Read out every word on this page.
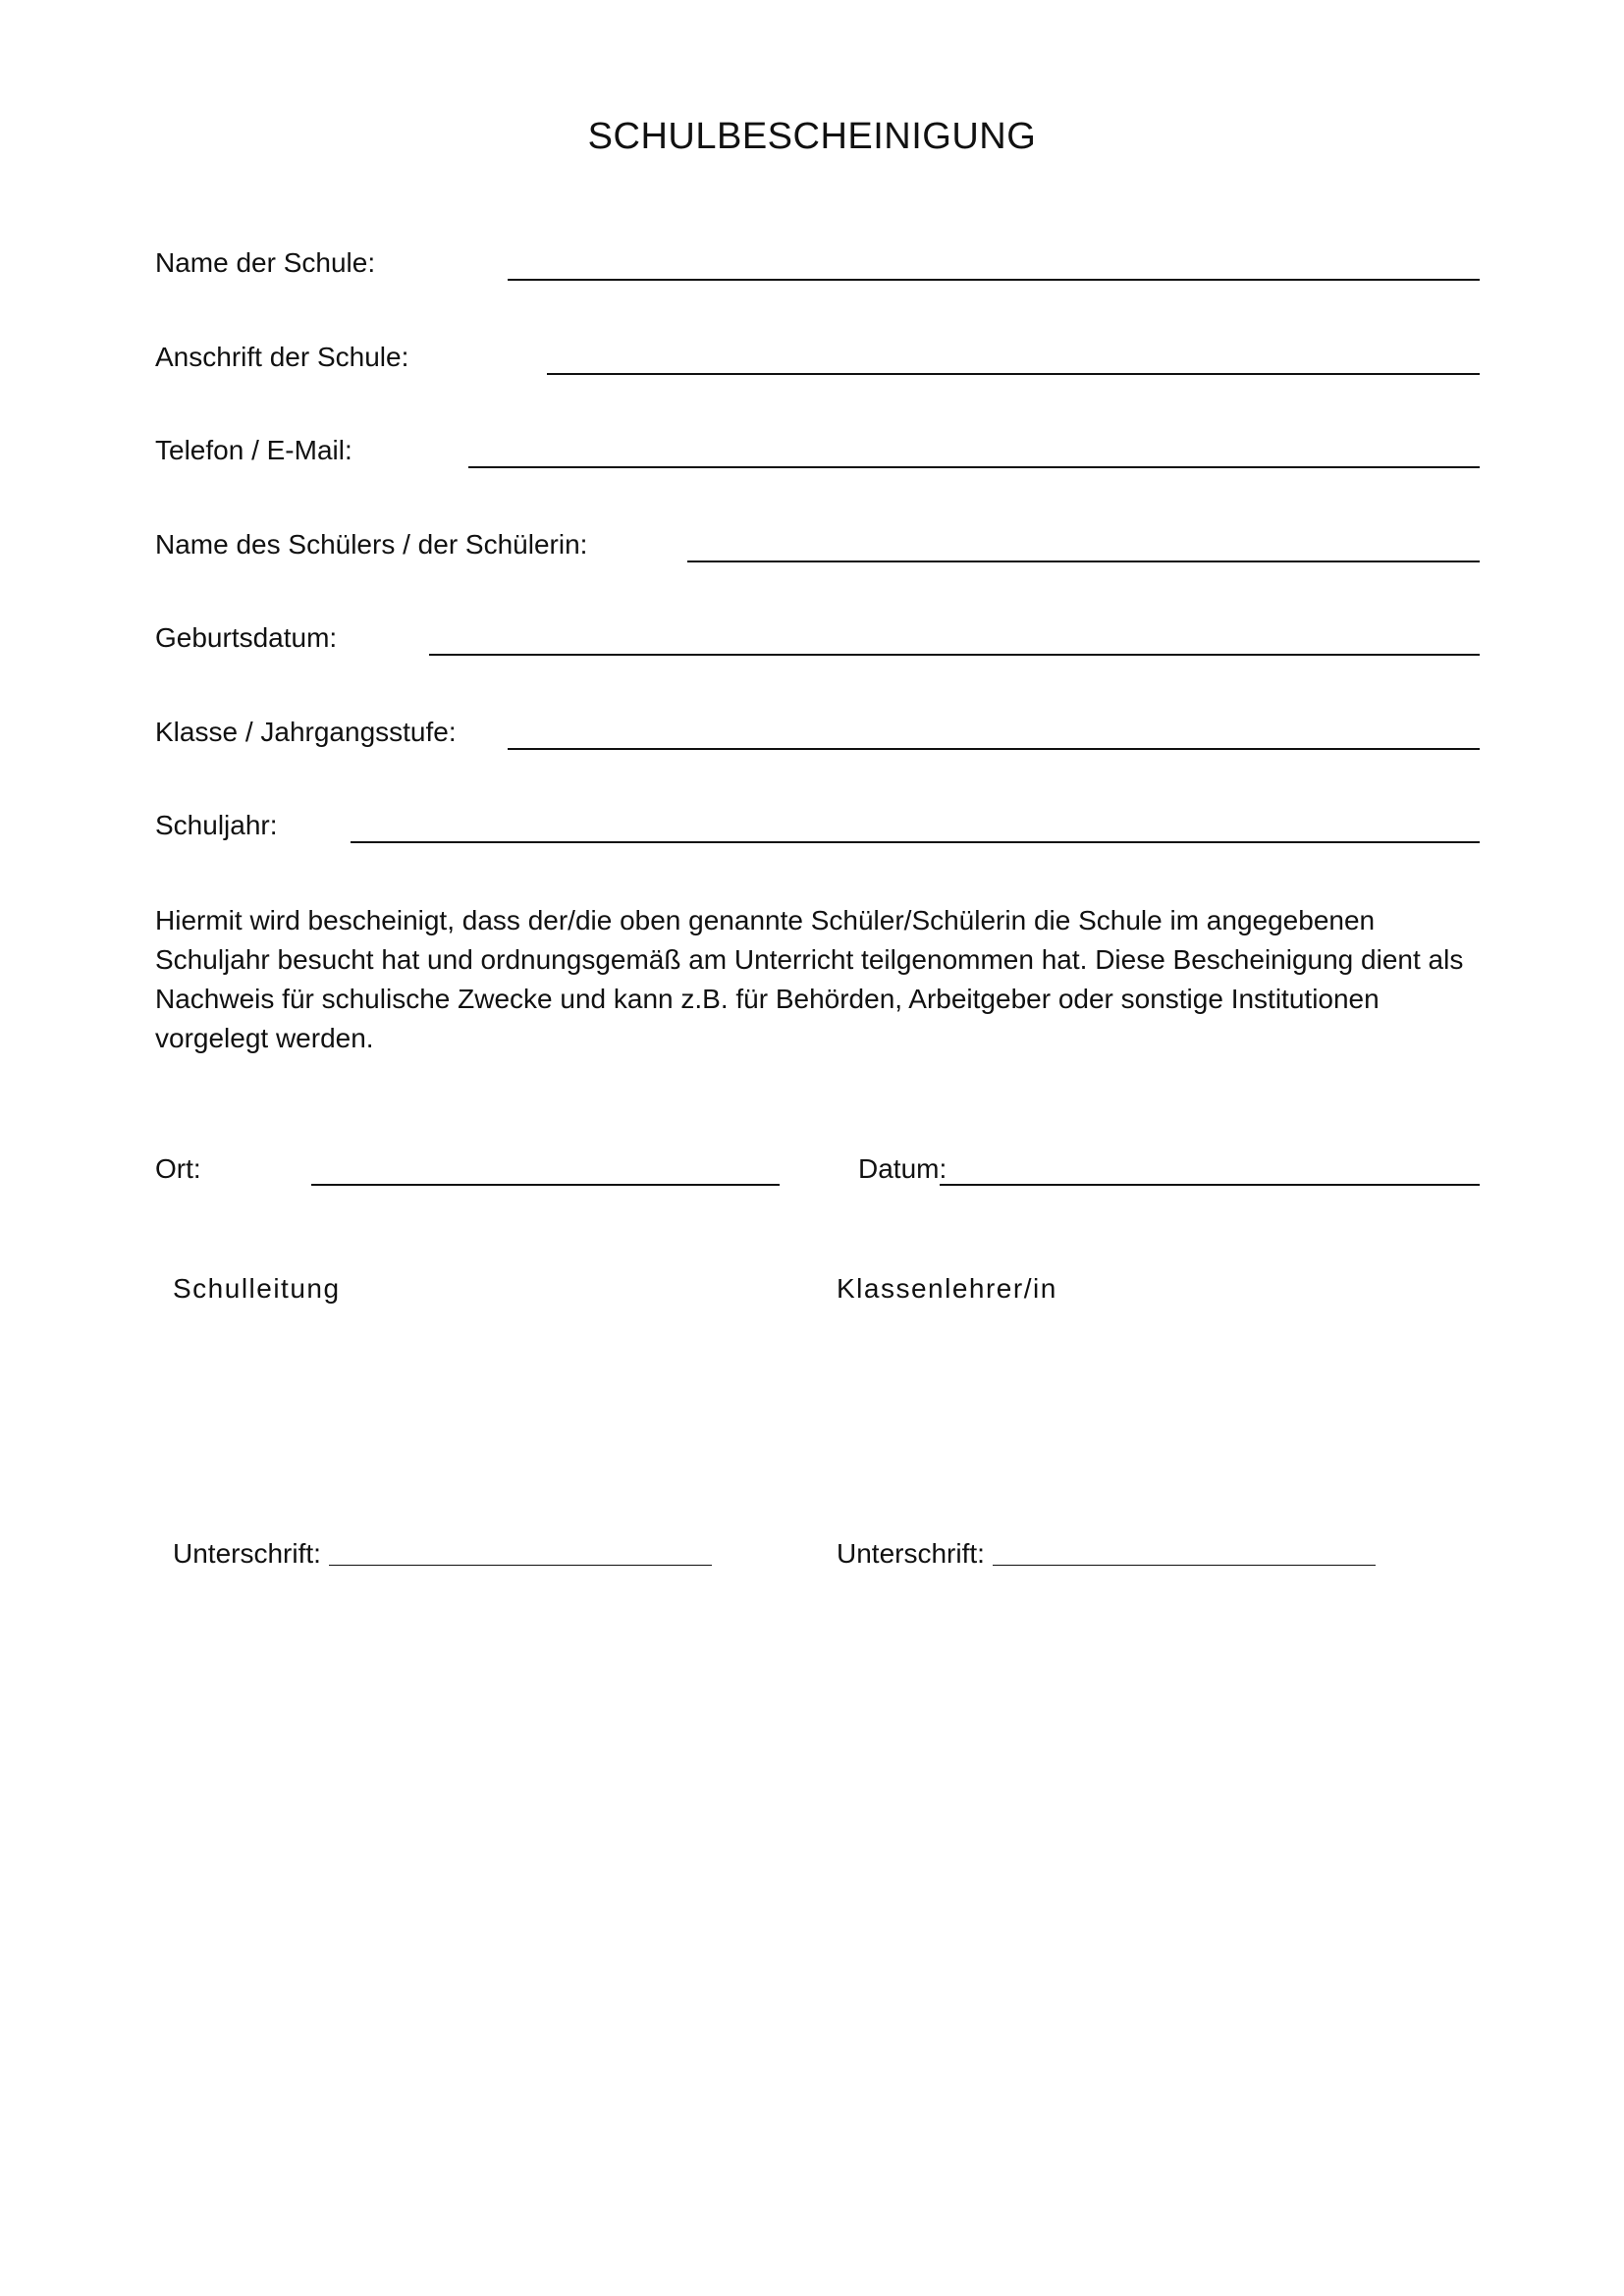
SCHULBESCHEINIGUNG
Name der Schule:
Anschrift der Schule:
Telefon / E-Mail:
Name des Schülers / der Schülerin:
Geburtsdatum:
Klasse / Jahrgangsstufe:
Schuljahr:
Hiermit wird bescheinigt, dass der/die oben genannte Schüler/Schülerin die Schule im angegebenen Schuljahr besucht hat und ordnungsgemäß am Unterricht teilgenommen hat. Diese Bescheinigung dient als Nachweis für schulische Zwecke und kann z.B. für Behörden, Arbeitgeber oder sonstige Institutionen vorgelegt werden.
Ort:	Datum:
Schulleitung	Klassenlehrer/in
Unterschrift:	Unterschrift:
